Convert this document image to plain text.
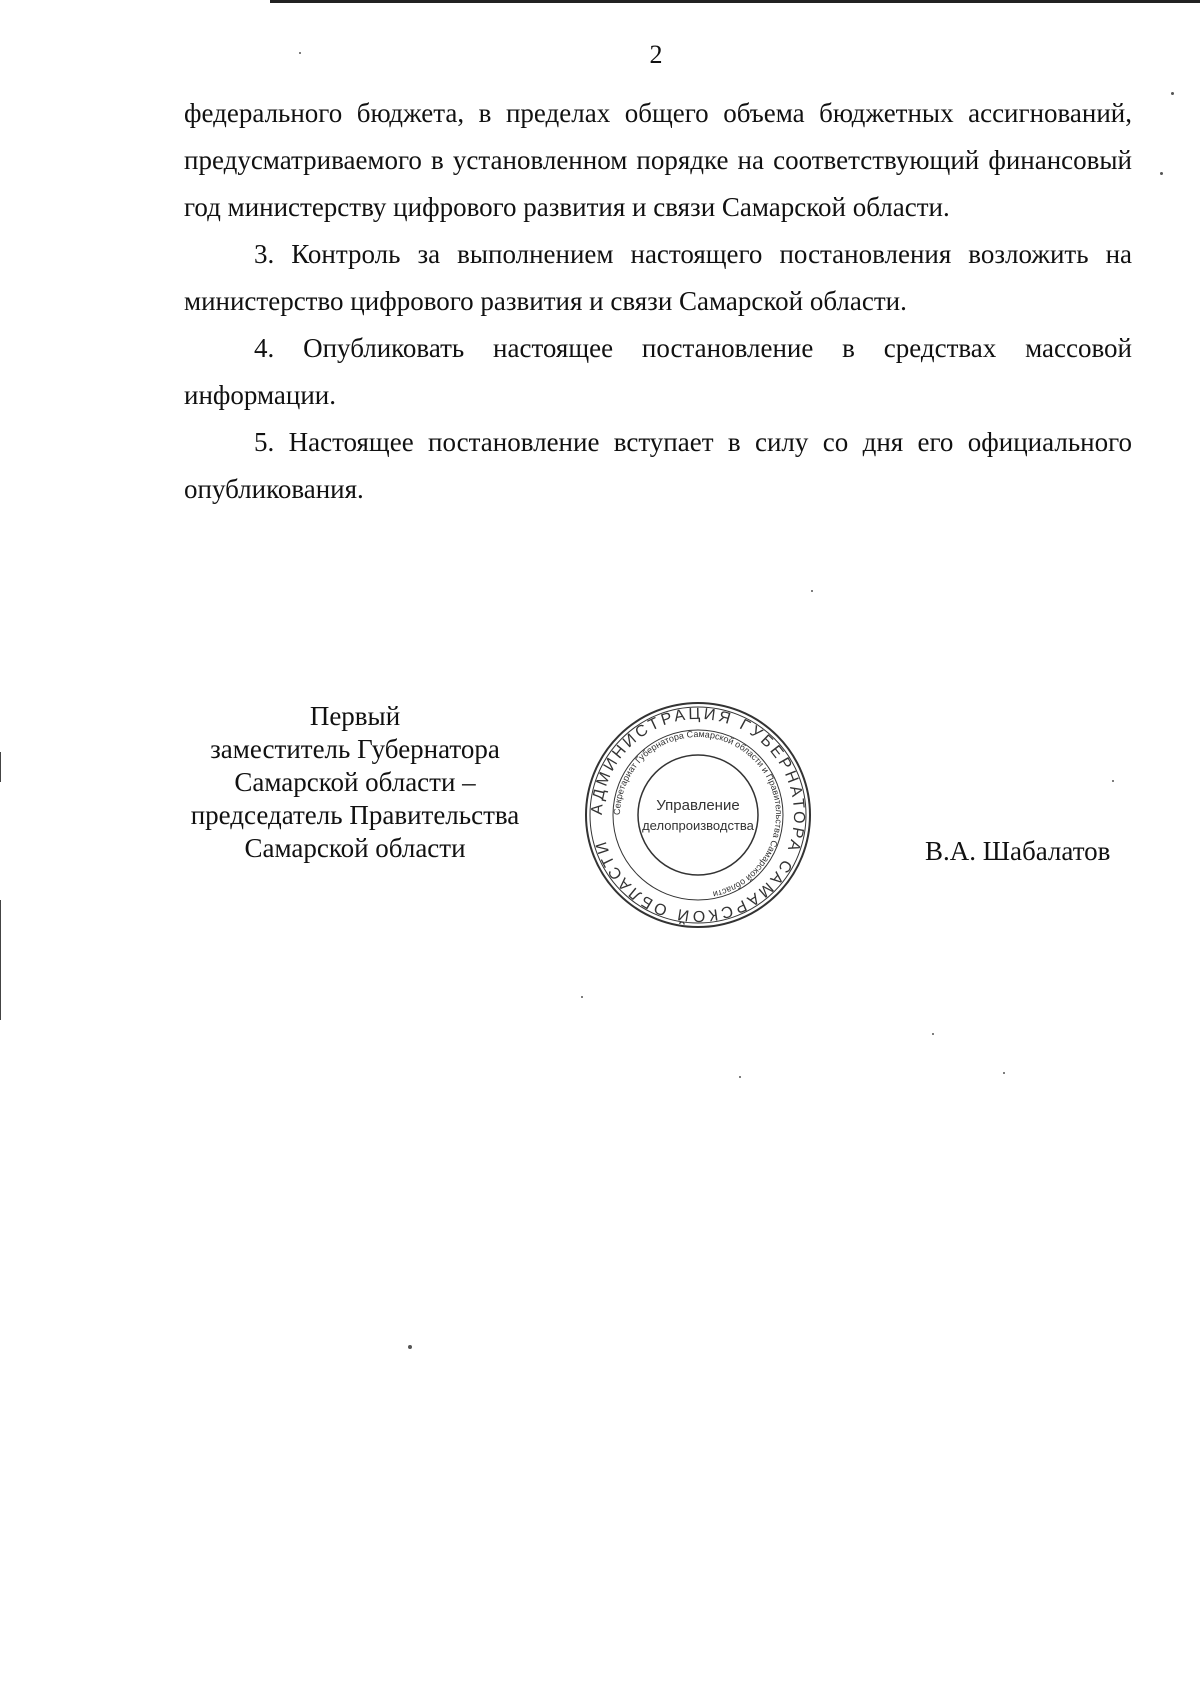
2

федерального бюджета, в пределах общего объема бюджетных ассигнований, предусматриваемого в установленном порядке на соответствующий финансовый год министерству цифрового развития и связи Самарской области.

3. Контроль за выполнением настоящего постановления возложить на министерство цифрового развития и связи Самарской области.

4. Опубликовать настоящее постановление в средствах массовой информации.

5. Настоящее постановление вступает в силу со дня его официального опубликования.

Первый
заместитель Губернатора
Самарской области –
председатель Правительства
Самарской области
АДМИНИСТРАЦИЯ ГУБЕРНАТОРА САМАРСКОЙ ОБЛАСТИ
Секретариат Губернатора Самарской области и Правительства Самарской области
Управление
делопроизводства
В.А. Шабалатов
